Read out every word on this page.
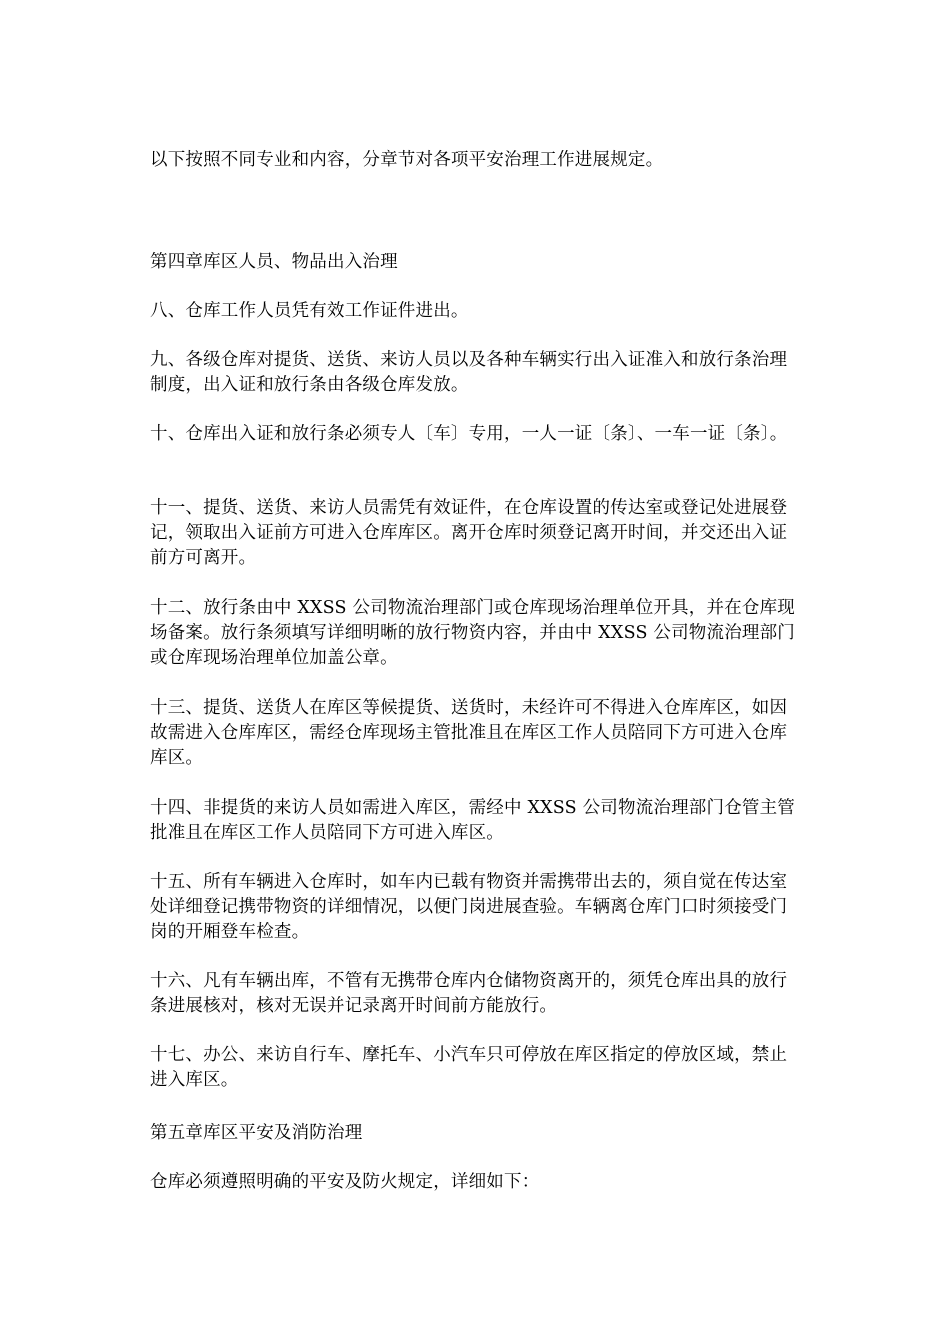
以下按照不同专业和内容，分章节对各项平安治理工作进展规定。

第四章库区人员、物品出入治理

八、仓库工作人员凭有效工作证件进出。

九、各级仓库对提货、送货、来访人员以及各种车辆实行出入证准入和放行条治理制度，出入证和放行条由各级仓库发放。

十、仓库出入证和放行条必须专人〔车〕专用，一人一证〔条〕、一车一证〔条〕。

十一、提货、送货、来访人员需凭有效证件，在仓库设置的传达室或登记处进展登记，领取出入证前方可进入仓库库区。离开仓库时须登记离开时间，并交还出入证前方可离开。

十二、放行条由中 XXSS 公司物流治理部门或仓库现场治理单位开具，并在仓库现场备案。放行条须填写详细明晰的放行物资内容，并由中 XXSS 公司物流治理部门或仓库现场治理单位加盖公章。

十三、提货、送货人在库区等候提货、送货时，未经许可不得进入仓库库区，如因故需进入仓库库区，需经仓库现场主管批准且在库区工作人员陪同下方可进入仓库库区。

十四、非提货的来访人员如需进入库区，需经中 XXSS 公司物流治理部门仓管主管批准且在库区工作人员陪同下方可进入库区。

十五、所有车辆进入仓库时，如车内已载有物资并需携带出去的，须自觉在传达室处详细登记携带物资的详细情况，以便门岗进展查验。车辆离仓库门口时须接受门岗的开厢登车检查。

十六、凡有车辆出库，不管有无携带仓库内仓储物资离开的，须凭仓库出具的放行条进展核对，核对无误并记录离开时间前方能放行。

十七、办公、来访自行车、摩托车、小汽车只可停放在库区指定的停放区域，禁止进入库区。

第五章库区平安及消防治理

仓库必须遵照明确的平安及防火规定，详细如下：
